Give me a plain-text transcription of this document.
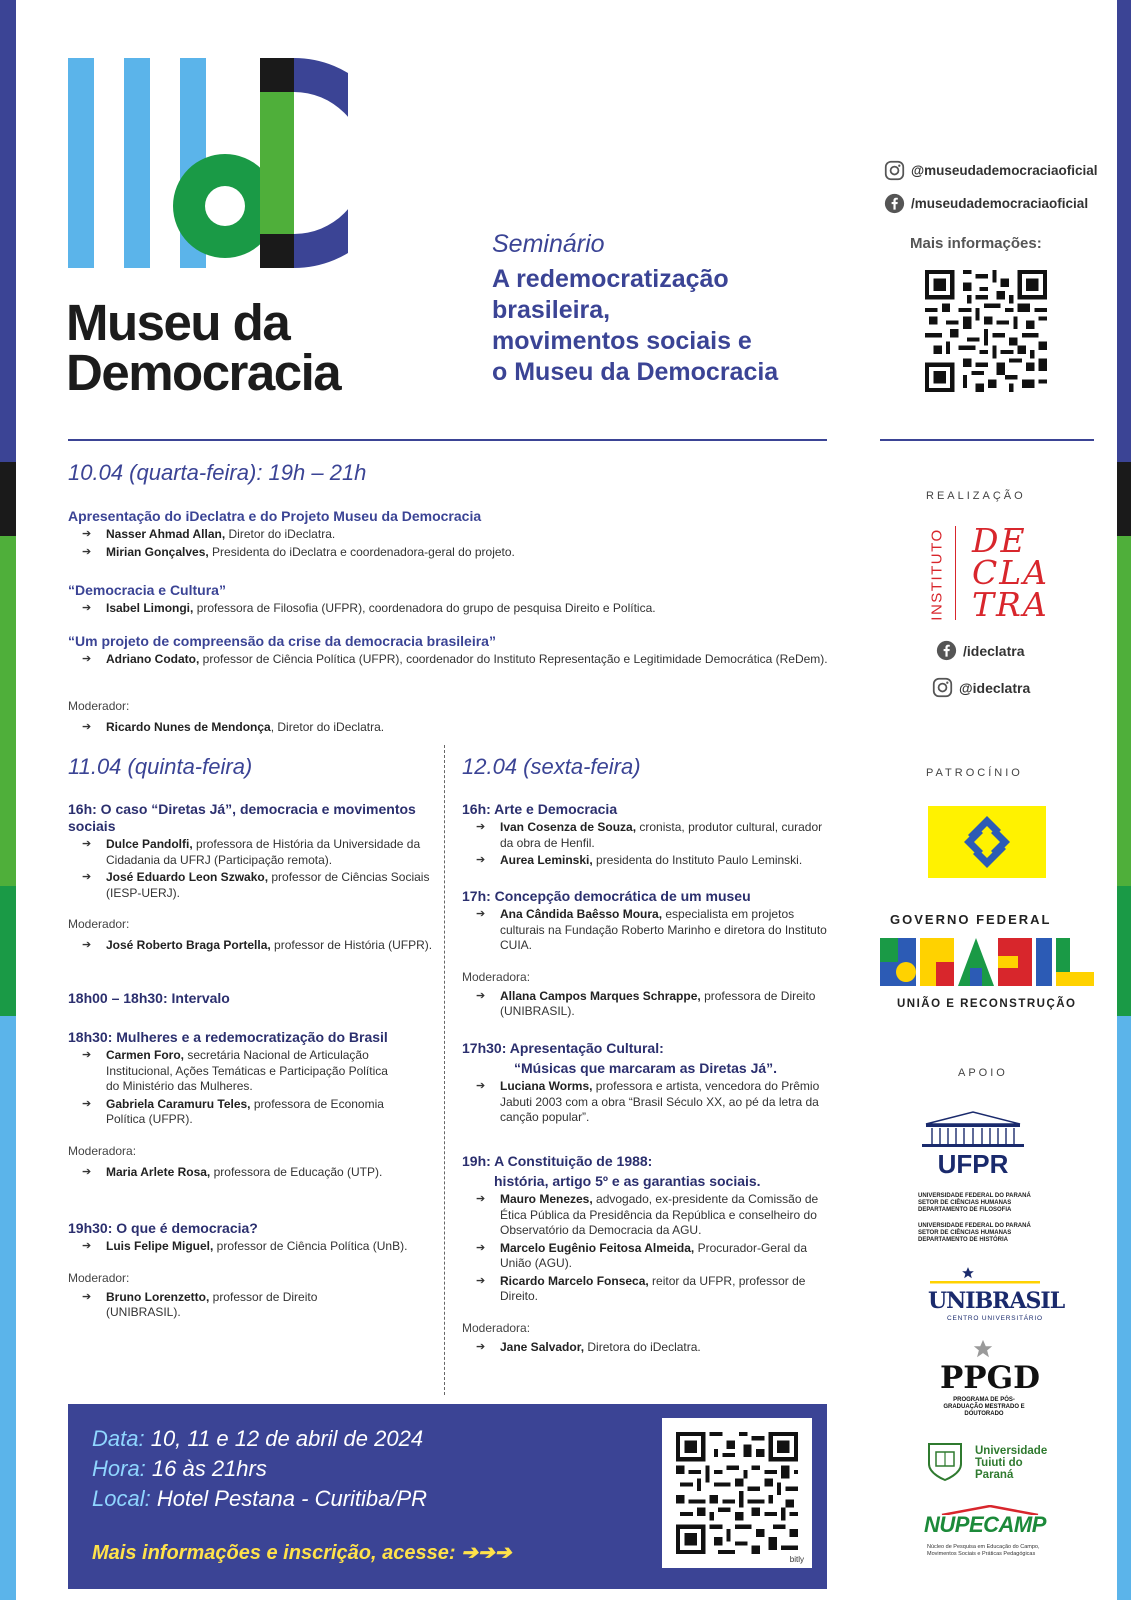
Museu da
Democracia
Seminário
A redemocratização
brasileira,
movimentos sociais e
o Museu da Democracia
@museudademocraciaoficial
/museudademocraciaoficial
Mais informações:
10.04 (quarta-feira): 19h – 21h
Apresentação do iDeclatra e do Projeto Museu da Democracia
➔ Nasser Ahmad Allan, Diretor do iDeclatra.
➔ Mirian Gonçalves, Presidenta do iDeclatra e coordenadora-geral do projeto.
“Democracia e Cultura”
➔ Isabel Limongi, professora de Filosofia (UFPR), coordenadora do grupo de pesquisa Direito e Política.
“Um projeto de compreensão da crise da democracia brasileira”
➔ Adriano Codato, professor de Ciência Política (UFPR), coordenador do Instituto Representação e Legitimidade Democrática (ReDem).
Moderador:
➔ Ricardo Nunes de Mendonça, Diretor do iDeclatra.
11.04 (quinta-feira)
16h: O caso “Diretas Já”, democracia e movimentos sociais
➔ Dulce Pandolfi, professora de História da Universidade da Cidadania da UFRJ (Participação remota).
➔ José Eduardo Leon Szwako, professor de Ciências Sociais (IESP-UERJ).
Moderador:
➔ José Roberto Braga Portella, professor de História (UFPR).
18h00 – 18h30: Intervalo
18h30: Mulheres e a redemocratização do Brasil
➔ Carmen Foro, secretária Nacional de Articulação Institucional, Ações Temáticas e Participação Política do Ministério das Mulheres.
➔ Gabriela Caramuru Teles, professora de Economia Política (UFPR).
Moderadora:
➔ Maria Arlete Rosa, professora de Educação (UTP).
19h30: O que é democracia?
➔ Luis Felipe Miguel, professor de Ciência Política (UnB).
Moderador:
➔ Bruno Lorenzetto, professor de Direito (UNIBRASIL).
12.04 (sexta-feira)
16h: Arte e Democracia
➔ Ivan Cosenza de Souza, cronista, produtor cultural, curador da obra de Henfil.
➔ Aurea Leminski, presidenta do Instituto Paulo Leminski.
17h: Concepção democrática de um museu
➔ Ana Cândida Baêsso Moura, especialista em projetos culturais na Fundação Roberto Marinho e diretora do Instituto CUIA.
Moderadora:
➔ Allana Campos Marques Schrappe, professora de Direito (UNIBRASIL).
17h30: Apresentação Cultural:
“Músicas que marcaram as Diretas Já”.
➔ Luciana Worms, professora e artista, vencedora do Prêmio Jabuti 2003 com a obra “Brasil Século XX, ao pé da letra da canção popular”.
19h: A Constituição de 1988:
história, artigo 5º e as garantias sociais.
➔ Mauro Menezes, advogado, ex-presidente da Comissão de Ética Pública da Presidência da República e conselheiro do Observatório da Democracia da AGU.
➔ Marcelo Eugênio Feitosa Almeida, Procurador-Geral da União (AGU).
➔ Ricardo Marcelo Fonseca, reitor da UFPR, professor de Direito.
Moderadora:
➔ Jane Salvador, Diretora do iDeclatra.
REALIZAÇÃO
INSTITUTO DE
CLA
TRA
/ideclatra
@ideclatra
PATROCÍNIO
GOVERNO FEDERAL
UNIÃO E RECONSTRUÇÃO
APOIO
UFPR
UNIVERSIDADE FEDERAL DO PARANÁ
SETOR DE CIÊNCIAS HUMANAS
DEPARTAMENTO DE FILOSOFIA
UNIVERSIDADE FEDERAL DO PARANÁ
SETOR DE CIÊNCIAS HUMANAS
DEPARTAMENTO DE HISTÓRIA
UNIBRASIL
CENTRO UNIVERSITÁRIO
PPGD
PROGRAMA DE PÓS-GRADUAÇÃO MESTRADO E DOUTORADO
Universidade
Tuiuti do
Paraná
NUPECAMP
Núcleo de Pesquisa em Educação do Campo, Movimentos Sociais e Práticas Pedagógicas
Data: 10, 11 e 12 de abril de 2024
Hora: 16 às 21hrs
Local: Hotel Pestana - Curitiba/PR
Mais informações e inscrição, acesse: ➔➔➔	bitly
